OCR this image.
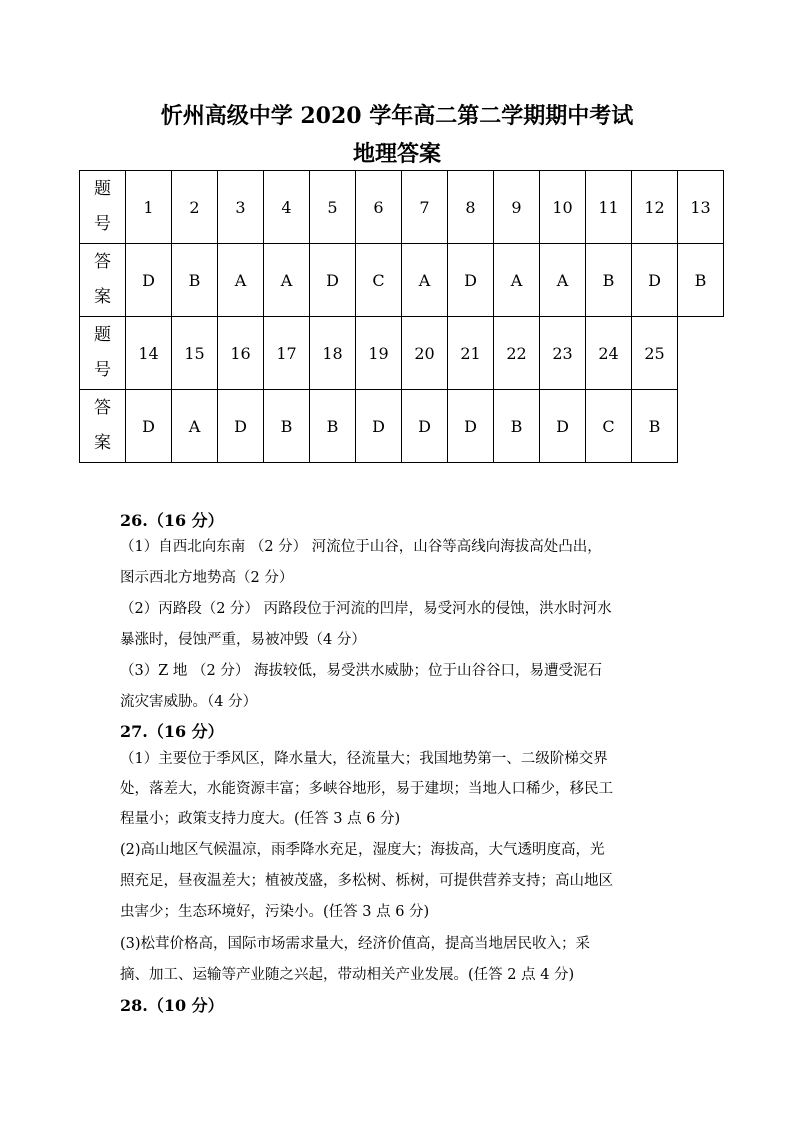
忻州高级中学 2020 学年高二第二学期期中考试
地理答案
题
号	1	2	3	4	5	6	7	8	9	10	11	12	13

答
案	D	B	A	A	D	C	A	D	A	A	B	D	B

题
号	14	15	16	17	18	19	20	21	22	23	24	25	

答
案	D	A	D	B	B	D	D	D	B	D	C	B	
26.（16 分）
（1）自西北向东南 （2 分） 河流位于山谷，山谷等高线向海拔高处凸出，
图示西北方地势高（2 分）
（2）丙路段（2 分） 丙路段位于河流的凹岸，易受河水的侵蚀，洪水时河水
暴涨时，侵蚀严重，易被冲毁（4 分）
（3）Z 地 （2 分） 海拔较低，易受洪水威胁；位于山谷谷口，易遭受泥石
流灾害威胁。（4 分）
27.（16 分）
（1）主要位于季风区，降水量大，径流量大；我国地势第一、二级阶梯交界
处，落差大，水能资源丰富；多峡谷地形，易于建坝；当地人口稀少，移民工
程量小；政策支持力度大。(任答 3 点 6 分)
(2)高山地区气候温凉，雨季降水充足，湿度大；海拔高，大气透明度高，光
照充足，昼夜温差大；植被茂盛，多松树、栎树，可提供营养支持；高山地区
虫害少；生态环境好，污染小。(任答 3 点 6 分)
(3)松茸价格高，国际市场需求量大，经济价值高，提高当地居民收入；采
摘、加工、运输等产业随之兴起，带动相关产业发展。(任答 2 点 4 分)
28.（10 分）
